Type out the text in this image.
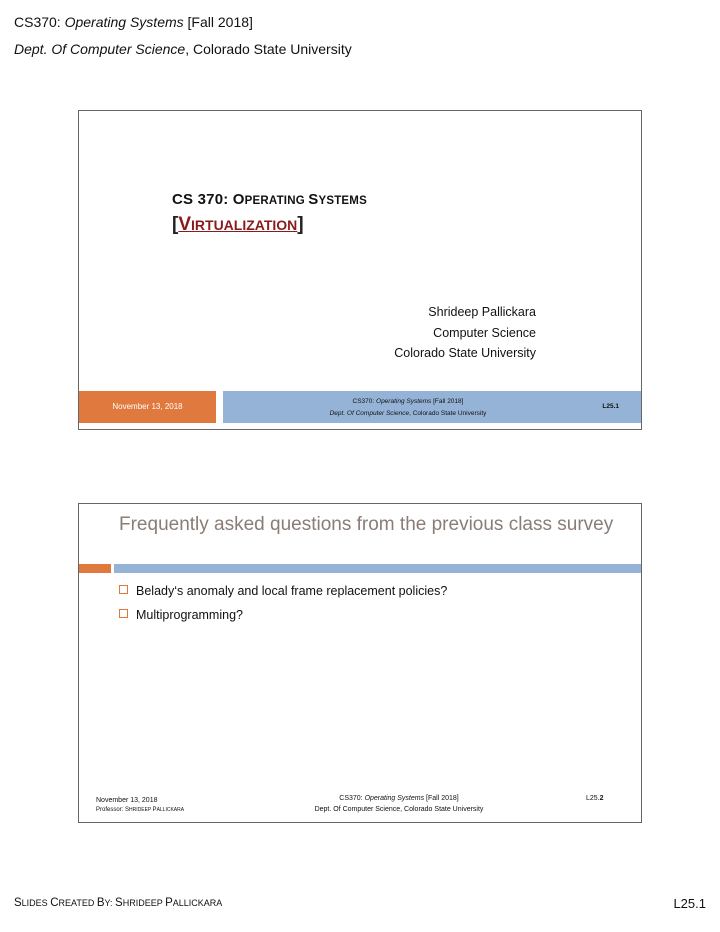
CS370: Operating Systems [Fall 2018]
Dept. Of Computer Science, Colorado State University
CS 370: OPERATING SYSTEMS
[VIRTUALIZATION]
Shrideep Pallickara
Computer Science
Colorado State University
November 13, 2018
CS370: Operating Systems [Fall 2018]
Dept. Of Computer Science, Colorado State University
L25.1
Frequently asked questions from the previous class survey
Belady‘s anomaly and local frame replacement policies?
Multiprogramming?
November 13, 2018
Professor: SHRIDEEP PALLICKARA
CS370: Operating Systems [Fall 2018]
Dept. Of Computer Science, Colorado State University
L25.2
SLIDES CREATED BY: SHRIDEEP PALLICKARA	L25.1
